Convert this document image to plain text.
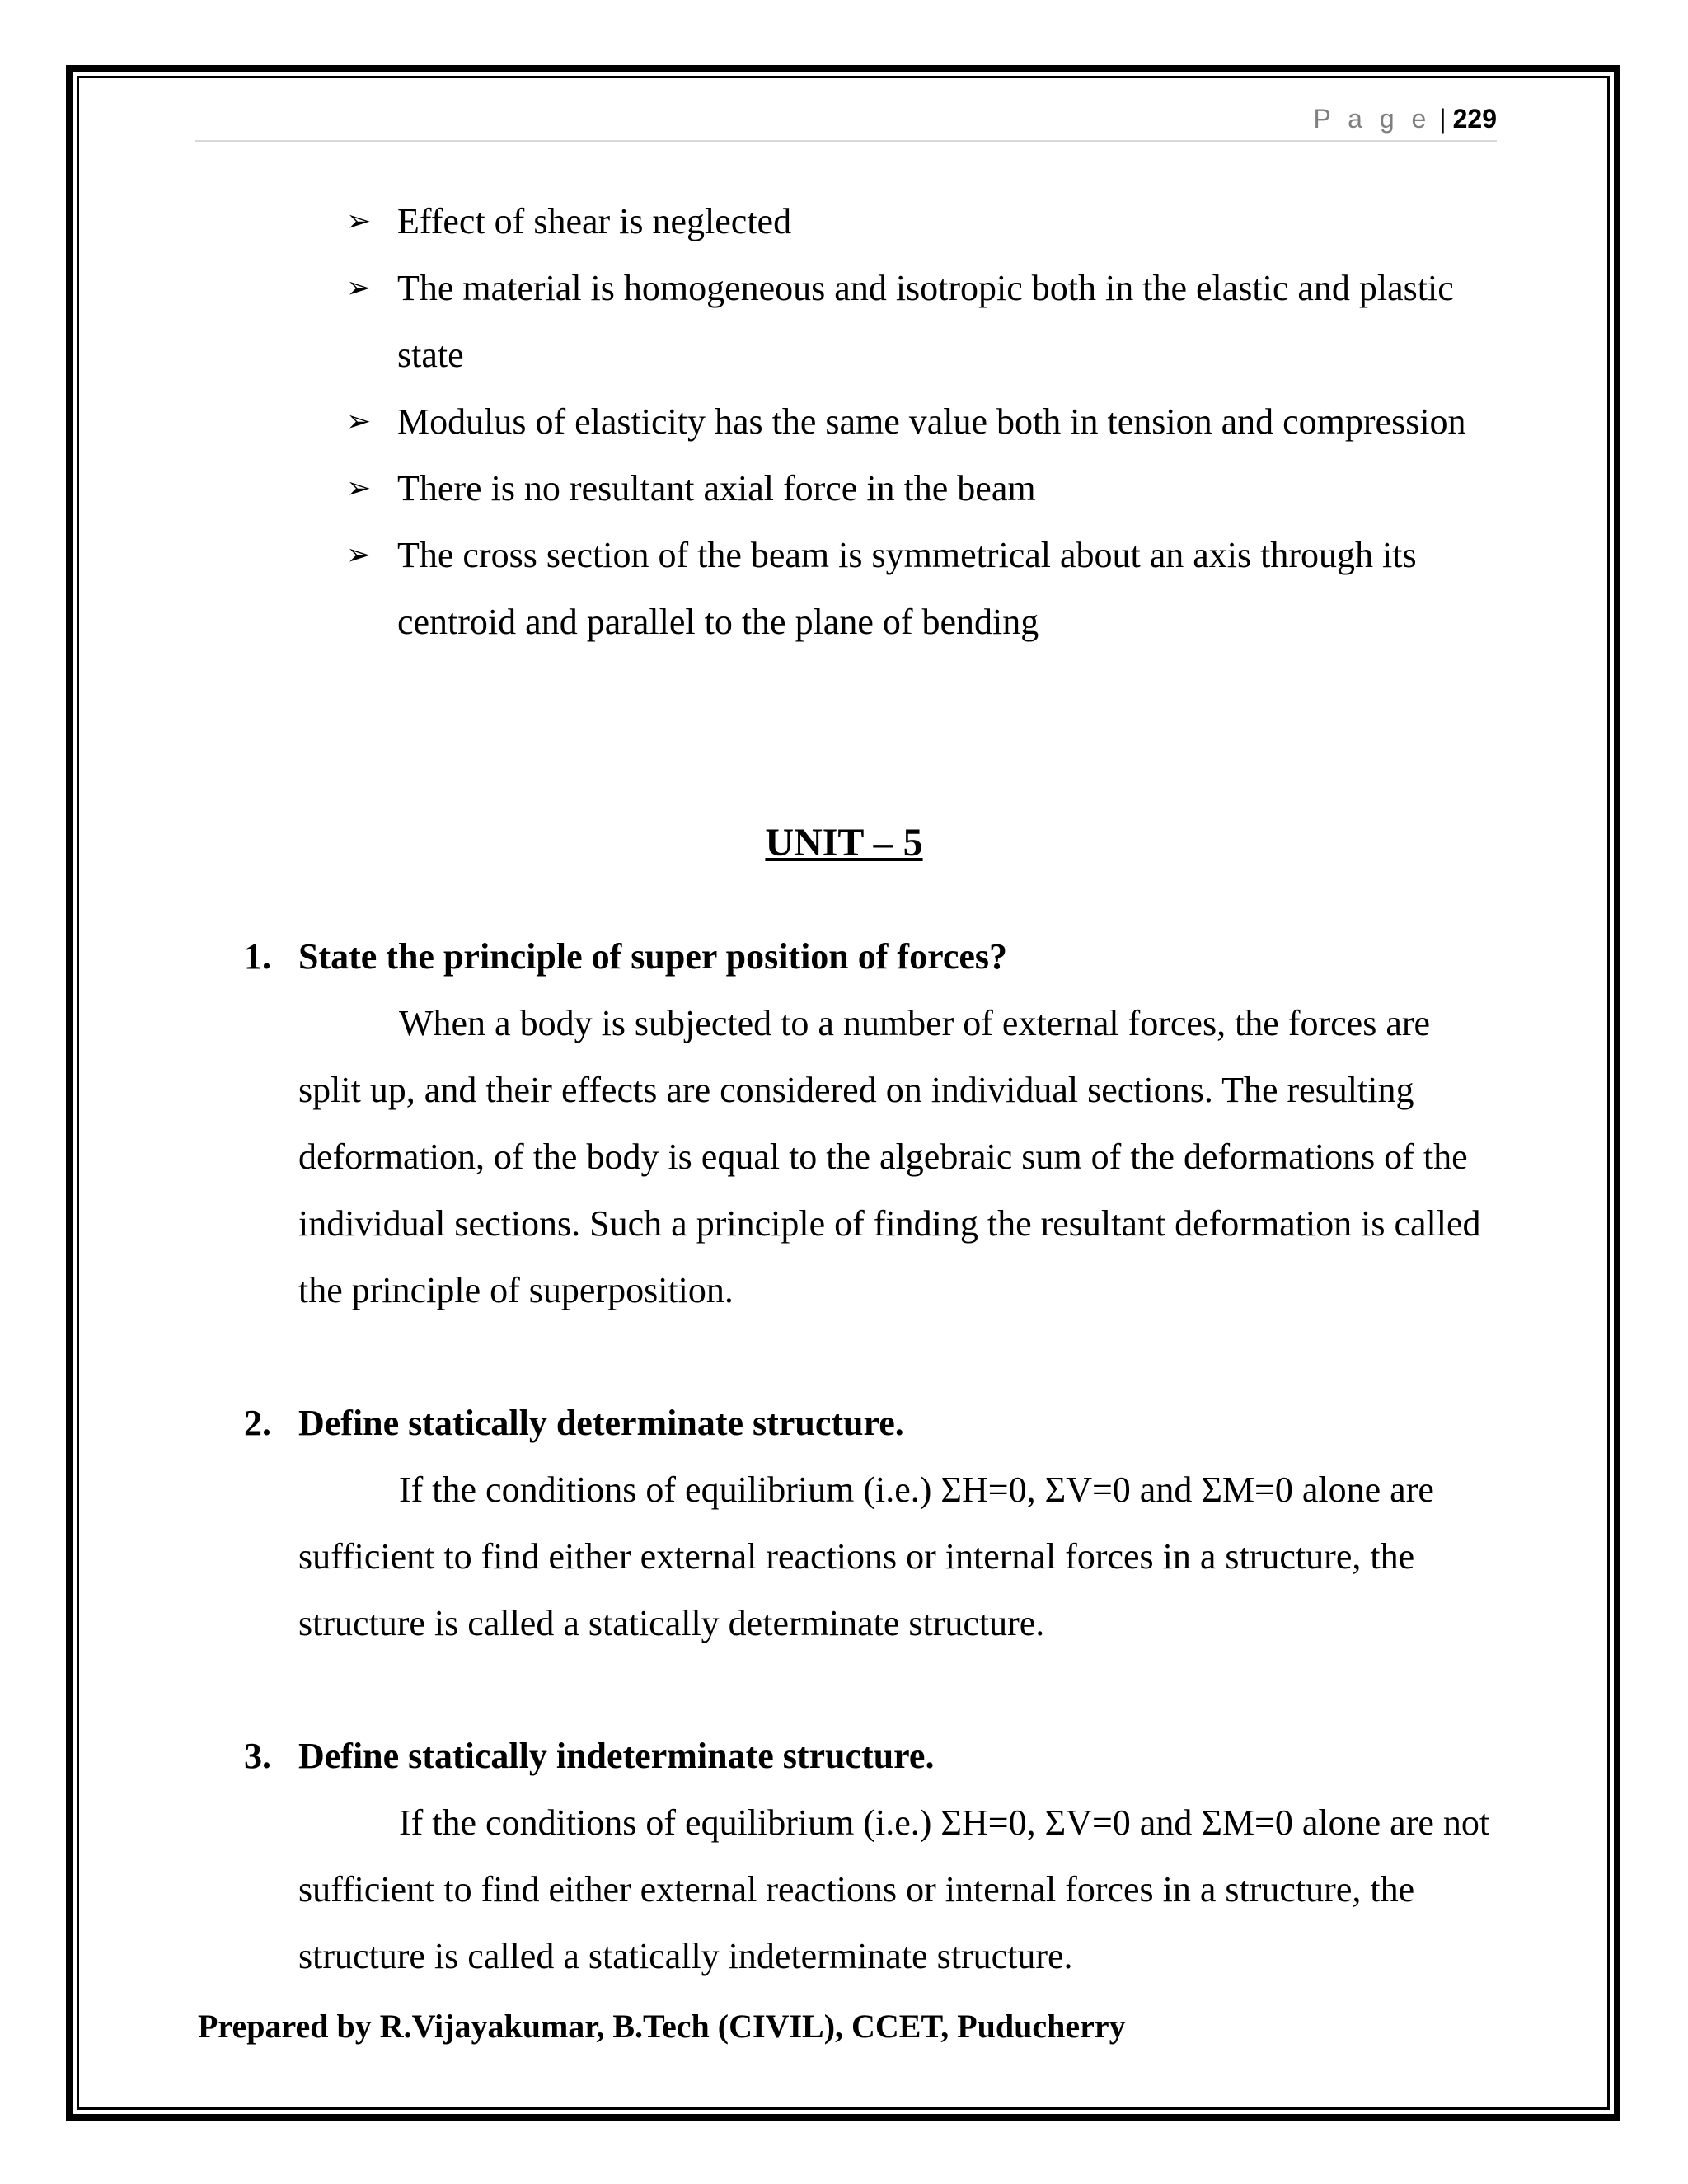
P a g e | 229
➢ Effect of shear is neglected
➢ The material is homogeneous and isotropic both in the elastic and plastic state
➢ Modulus of elasticity has the same value both in tension and compression
➢ There is no resultant axial force in the beam
➢ The cross section of the beam is symmetrical about an axis through its centroid and parallel to the plane of bending
UNIT – 5
1. State the principle of super position of forces?

When a body is subjected to a number of external forces, the forces are split up, and their effects are considered on individual sections. The resulting deformation, of the body is equal to the algebraic sum of the deformations of the individual sections. Such a principle of finding the resultant deformation is called the principle of superposition.

2. Define statically determinate structure.

If the conditions of equilibrium (i.e.) ΣH=0, ΣV=0 and ΣM=0 alone are sufficient to find either external reactions or internal forces in a structure, the structure is called a statically determinate structure.

3. Define statically indeterminate structure.

If the conditions of equilibrium (i.e.) ΣH=0, ΣV=0 and ΣM=0 alone are not sufficient to find either external reactions or internal forces in a structure, the structure is called a statically indeterminate structure.

Prepared by R.Vijayakumar, B.Tech (CIVIL), CCET, Puducherry
